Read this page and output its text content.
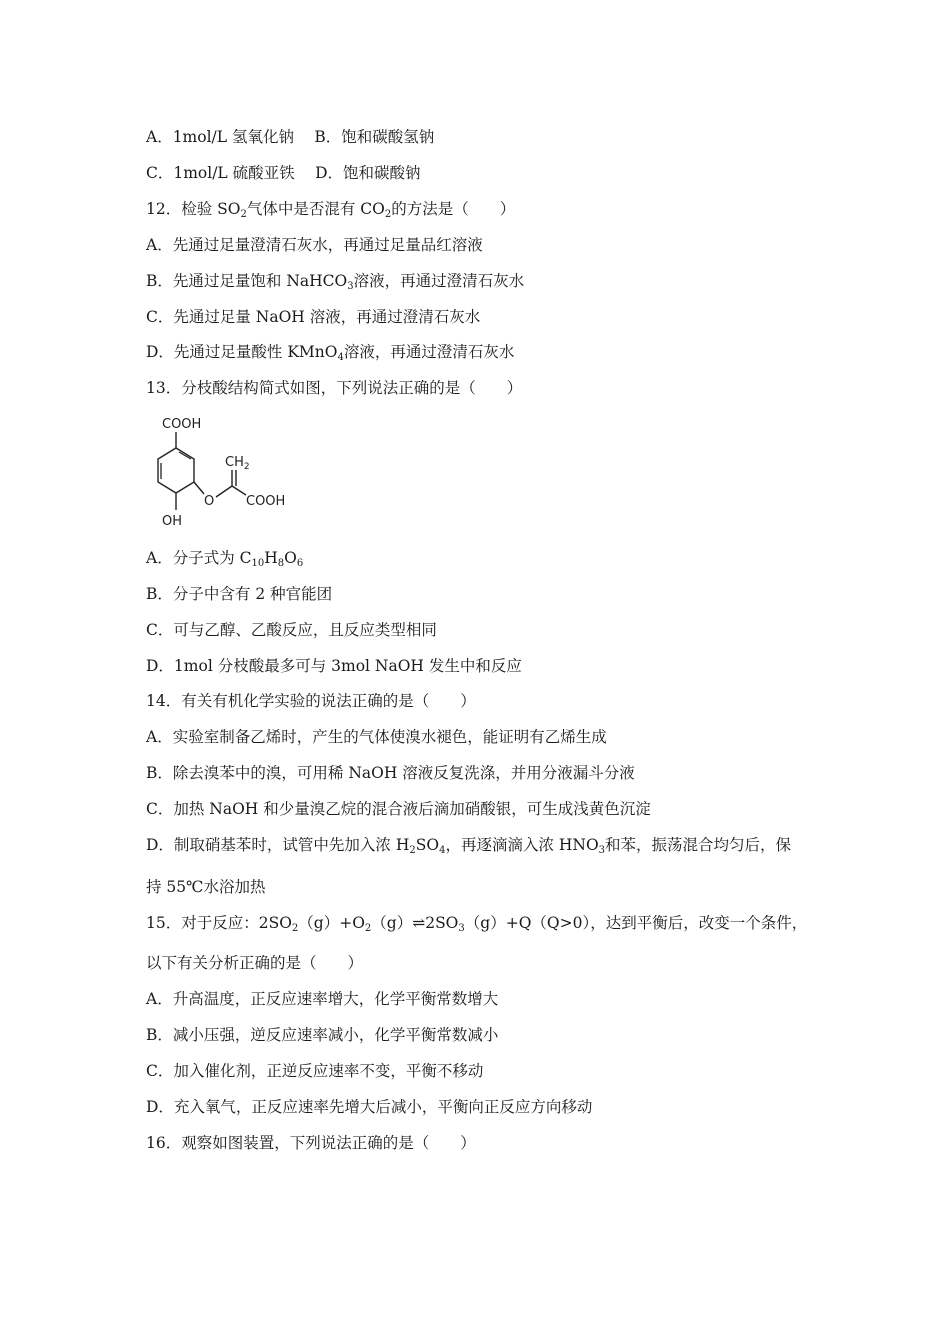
A．1mol/L 氢氧化钠　 B．饱和碳酸氢钠
C．1mol/L 硫酸亚铁　 D．饱和碳酸钠
12．检验 $SO_2$气体中是否混有 $CO_2$的方法是（　　）
A．先通过足量澄清石灰水，再通过足量品红溶液
B．先通过足量饱和 NaHCO$_3$溶液，再通过澄清石灰水
C．先通过足量 NaOH 溶液，再通过澄清石灰水
D．先通过足量酸性 KMnO$_4$溶液，再通过澄清石灰水
13．分枝酸结构简式如图，下列说法正确的是（　　）
COOH
OH
O
$CH_2$
COOH
A．分子式为 $C_{10}H_8O_6$
B．分子中含有 2 种官能团
C．可与乙醇、乙酸反应，且反应类型相同
D．1mol 分枝酸最多可与 3mol NaOH 发生中和反应
14．有关有机化学实验的说法正确的是（　　）
A．实验室制备乙烯时，产生的气体使溴水褪色，能证明有乙烯生成
B．除去溴苯中的溴，可用稀 NaOH 溶液反复洗涤，并用分液漏斗分液
C．加热 NaOH 和少量溴乙烷的混合液后滴加硝酸银，可生成浅黄色沉淀
D．制取硝基苯时，试管中先加入浓 $H_2SO_4$，再逐滴滴入浓 $HNO_3$和苯，振荡混合均匀后，保
持 55℃水浴加热
15．对于反应：$2SO_2(g)+O_2(g)\rightleftharpoons 2SO_3(g)+Q(Q>0)$，达到平衡后，改变一个条件，
以下有关分析正确的是（　　）
A．升高温度，正反应速率增大，化学平衡常数增大
B．减小压强，逆反应速率减小，化学平衡常数减小
C．加入催化剂，正逆反应速率不变，平衡不移动
D．充入氧气，正反应速率先增大后减小，平衡向正反应方向移动
16．观察如图装置，下列说法正确的是（　　）
